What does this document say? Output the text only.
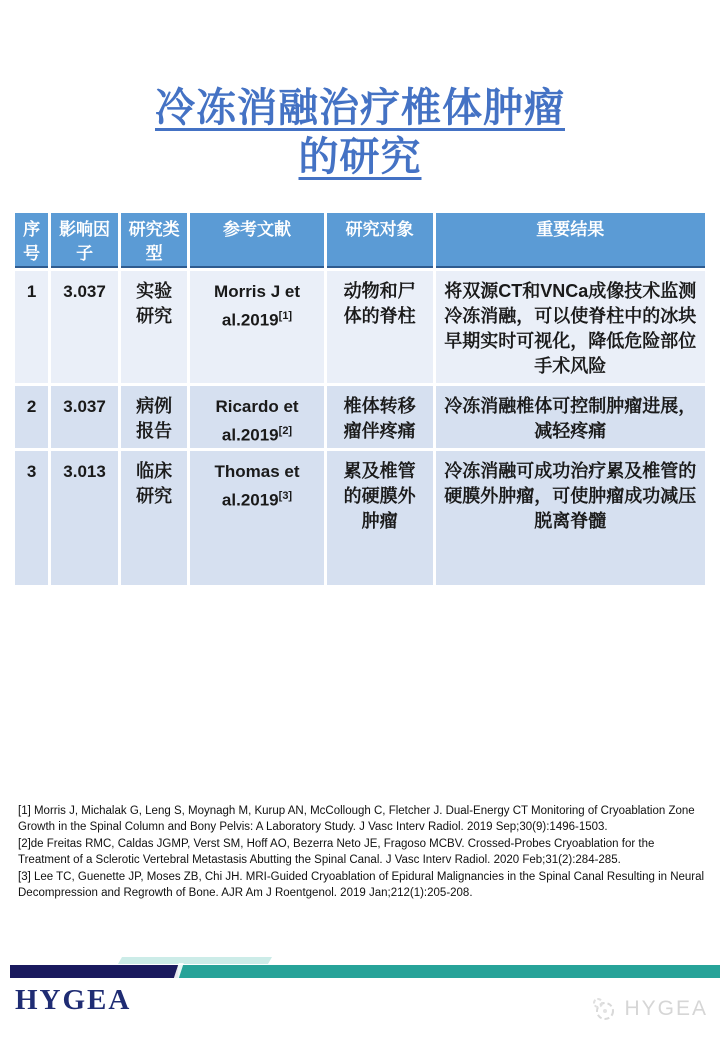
冷冻消融治疗椎体肿瘤
的研究
序号	影响因子	研究类型	参考文献	研究对象	重要结果
1	3.037	实验研究	Morris J et al.2019[1]	动物和尸体的脊柱	将双源CT和VNCa成像技术监测冷冻消融，可以使脊柱中的冰块早期实时可视化，降低危险部位手术风险
2	3.037	病例报告	Ricardo et al.2019[2]	椎体转移瘤伴疼痛	冷冻消融椎体可控制肿瘤进展，减轻疼痛
3	3.013	临床研究	Thomas et al.2019[3]	累及椎管的硬膜外肿瘤	冷冻消融可成功治疗累及椎管的硬膜外肿瘤，可使肿瘤成功减压脱离脊髓
[1] Morris J, Michalak G, Leng S, Moynagh M, Kurup AN, McCollough C, Fletcher J. Dual-Energy CT Monitoring of Cryoablation Zone Growth in the Spinal Column and Bony Pelvis: A Laboratory Study. J Vasc Interv Radiol. 2019 Sep;30(9):1496-1503.
[2]de Freitas RMC, Caldas JGMP, Verst SM, Hoff AO, Bezerra Neto JE, Fragoso MCBV. Crossed-Probes Cryoablation for the Treatment of a Sclerotic Vertebral Metastasis Abutting the Spinal Canal. J Vasc Interv Radiol. 2020 Feb;31(2):284-285.
[3] Lee TC, Guenette JP, Moses ZB, Chi JH. MRI-Guided Cryoablation of Epidural Malignancies in the Spinal Canal Resulting in Neural Decompression and Regrowth of Bone. AJR Am J Roentgenol. 2019 Jan;212(1):205-208.
HYGEA	HYGEA
